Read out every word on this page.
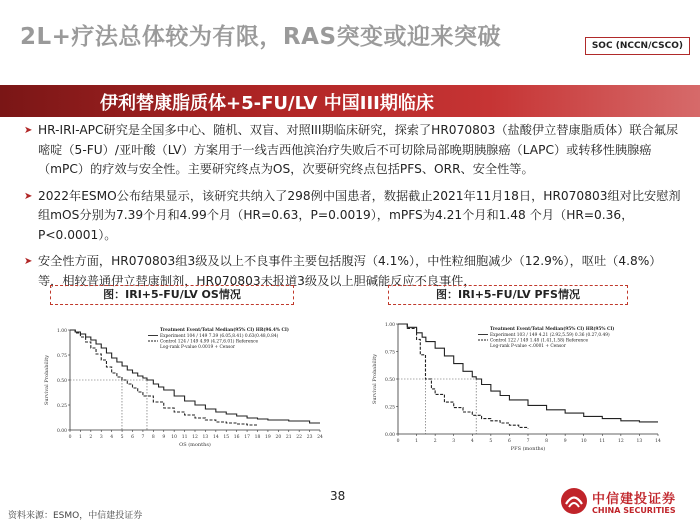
2L+疗法总体较为有限，RAS突变或迎来突破	SOC (NCCN/CSCO)
伊利替康脂质体+5-FU/LV 中国III期临床
➤ HR-IRI-APC研究是全国多中心、随机、双盲、对照III期临床研究，探索了HR070803（盐酸伊立替康脂质体）联合氟尿嘧啶（5-FU）/亚叶酸（LV）方案用于一线吉西他滨治疗失败后不可切除局部晚期胰腺癌（LAPC）或转移性胰腺癌（mPC）的疗效与安全性。主要研究终点为OS，次要研究终点包括PFS、ORR、安全性等。
➤ 2022年ESMO公布结果显示，该研究共纳入了298例中国患者，数据截止2021年11月18日，HR070803组对比安慰剂组mOS分别为7.39个月和4.99个月（HR=0.63，P=0.0019），mPFS为4.21个月和1.48 个月（HR=0.36，P<0.0001）。
➤ 安全性方面，HR070803组3级及以上不良事件主要包括腹泻（4.1%），中性粒细胞减少（12.9%），呕吐（4.8%）等，相较普通伊立替康制剂，HR070803未报道3级及以上胆碱能反应不良事件，
图：IRI+5-FU/LV OS情况	图：IRI+5-FU/LV PFS情况
0.00
0.25
0.50
0.75
1.00
0 1 2 3 4 5 6 7 8 9 10 11 12 13 14 15 16 17 18 19 20 21 22 23 24
OS (months)
Survival Probability
Treatment Event/Total Median(95% CI) HR(96.4% CI)
Experiment 104 / 149 7.39 (6.05,8.41) 0.63(0.48,0.84)
Control 124 / 149 4.99 (4.27,6.01) Reference
Log-rank P-value 0.0019 + Censor
0.00
0.25
0.50
0.75
1.00
0	1	2	3	4	5	6	7	8	9	10	11	12	13	14
PFS (months)
Survival Probability
Treatment Event/Total Median(95% CI) HR(95% CI)
Experiment 103 / 149 4.21 (2.92,5.59) 0.36 (0.27,0.49)
Control 122 / 149 1.48 (1.41,1.58) Reference
Log-rank P-value <.0001 + Censor
38
资料来源：ESMO，中信建投证券
中信建投证券
CHINA SECURITIES
